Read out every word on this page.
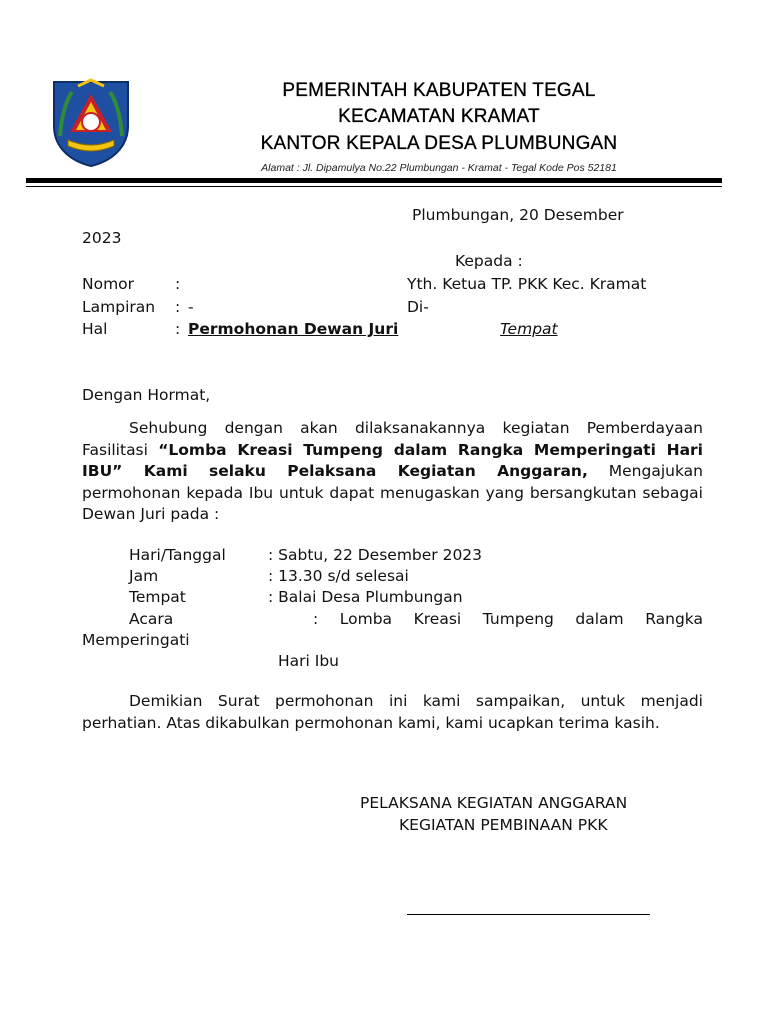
PEMERINTAH KABUPATEN TEGAL
KECAMATAN KRAMAT
KANTOR KEPALA DESA PLUMBUNGAN
Alamat : Jl. Dipamulya No.22 Plumbungan - Kramat - Tegal Kode Pos 52181
Plumbungan, 20 Desember
2023
Kepada :
Yth. Ketua TP. PKK Kec. Kramat
Di-
Tempat
Nomor	:
Lampiran : -
Hal	: Permohonan Dewan Juri
Dengan Hormat,
Sehubung dengan akan dilaksanakannya kegiatan Pemberdayaan Fasilitasi “Lomba Kreasi Tumpeng dalam Rangka Memperingati Hari IBU” Kami selaku Pelaksana Kegiatan Anggaran, Mengajukan permohonan kepada Ibu untuk dapat menugaskan yang bersangkutan sebagai Dewan Juri pada :
Hari/Tanggal	: Sabtu, 22 Desember 2023
Jam	: 13.30 s/d selesai
Tempat	: Balai Desa Plumbungan
Acara	: Lomba Kreasi Tumpeng dalam Rangka
Memperingati
Hari Ibu
Demikian Surat permohonan ini kami sampaikan, untuk menjadi perhatian. Atas dikabulkan permohonan kami, kami ucapkan terima kasih.
PELAKSANA KEGIATAN ANGGARAN
KEGIATAN PEMBINAAN PKK
